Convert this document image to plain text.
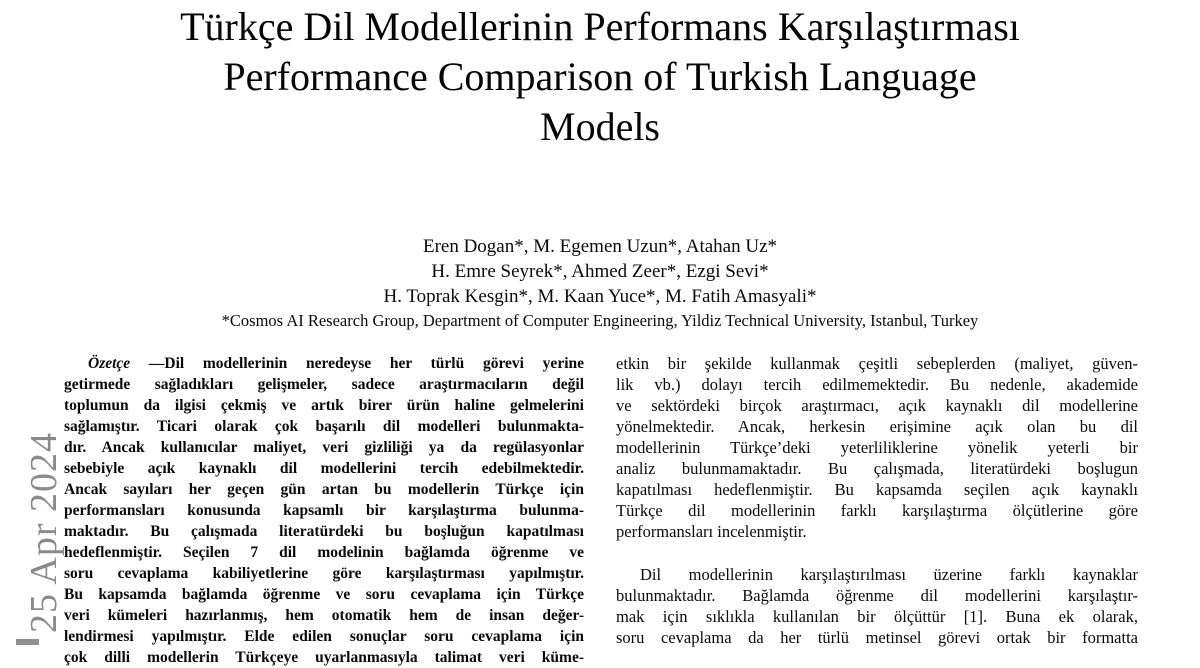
25 Apr 2024
Türkçe Dil Modellerinin Performans Karşılaştırması
Performance Comparison of Turkish Language
Models
Eren Dogan*, M. Egemen Uzun*, Atahan Uz*
H. Emre Seyrek*, Ahmed Zeer*, Ezgi Sevi*
H. Toprak Kesgin*, M. Kaan Yuce*, M. Fatih Amasyali*
*Cosmos AI Research Group, Department of Computer Engineering, Yildiz Technical University, Istanbul, Turkey
Özetçe —Dil modellerinin neredeyse her türlü görevi yerine
getirmede sağladıkları gelişmeler, sadece araştırmacıların değil
toplumun da ilgisi çekmiş ve artık birer ürün haline gelmelerini
sağlamıştır. Ticari olarak çok başarılı dil modelleri bulunmakta-
dır. Ancak kullanıcılar maliyet, veri gizliliği ya da regülasyonlar
sebebiyle açık kaynaklı dil modellerini tercih edebilmektedir.
Ancak sayıları her geçen gün artan bu modellerin Türkçe için
performansları konusunda kapsamlı bir karşılaştırma bulunma-
maktadır. Bu çalışmada literatürdeki bu boşluğun kapatılması
hedeflenmiştir. Seçilen 7 dil modelinin bağlamda öğrenme ve
soru cevaplama kabiliyetlerine göre karşılaştırması yapılmıştır.
Bu kapsamda bağlamda öğrenme ve soru cevaplama için Türkçe
veri kümeleri hazırlanmış, hem otomatik hem de insan değer-
lendirmesi yapılmıştır. Elde edilen sonuçlar soru cevaplama için
çok dilli modellerin Türkçeye uyarlanmasıyla talimat veri küme-
etkin bir şekilde kullanmak çeşitli sebeplerden (maliyet, güven-
lik vb.) dolayı tercih edilmemektedir. Bu nedenle, akademide
ve sektördeki birçok araştırmacı, açık kaynaklı dil modellerine
yönelmektedir. Ancak, herkesin erişimine açık olan bu dil
modellerinin Türkçe’deki yeterliliklerine yönelik yeterli bir
analiz bulunmamaktadır. Bu çalışmada, literatürdeki boşlugun
kapatılması hedeflenmiştir. Bu kapsamda seçilen açık kaynaklı
Türkçe dil modellerinin farklı karşılaştırma ölçütlerine göre
performansları incelenmiştir.
Dil modellerinin karşılaştırılması üzerine farklı kaynaklar
bulunmaktadır. Bağlamda öğrenme dil modellerini karşılaştır-
mak için sıklıkla kullanılan bir ölçüttür [1]. Buna ek olarak,
soru cevaplama da her türlü metinsel görevi ortak bir formatta
